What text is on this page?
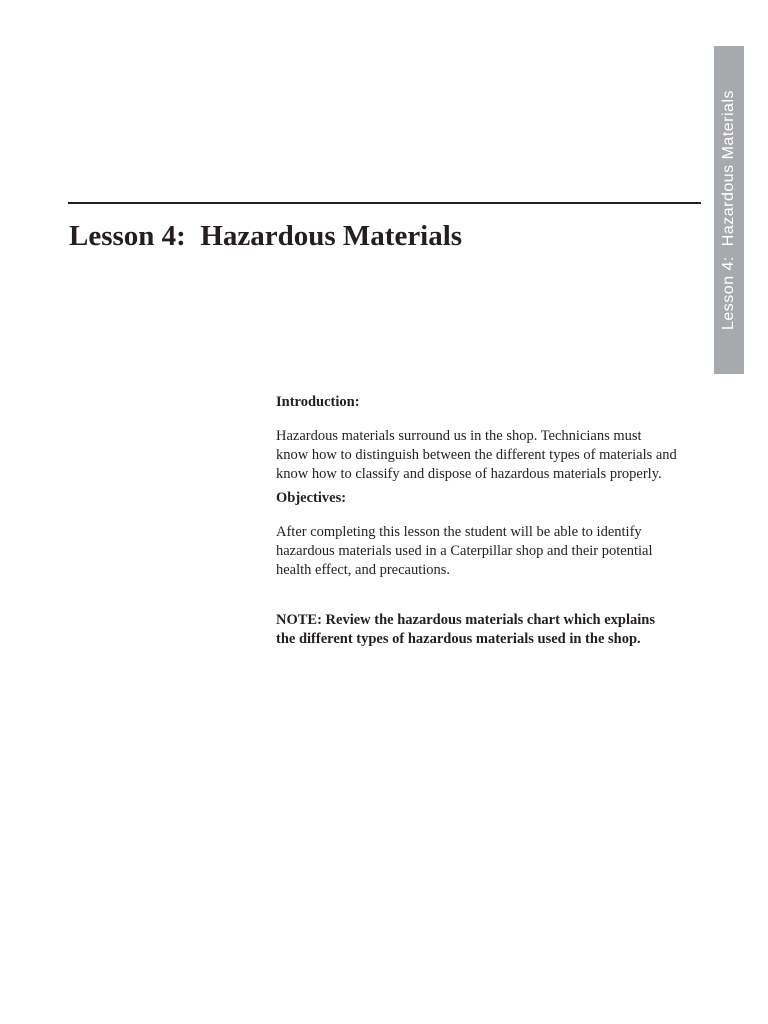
Lesson 4:  Hazardous Materials
Lesson 4:  Hazardous Materials

Introduction:

Hazardous materials surround us in the shop. Technicians must
know how to distinguish between the different types of materials and
know how to classify and dispose of hazardous materials properly.

Objectives:

After completing this lesson the student will be able to identify
hazardous materials used in a Caterpillar shop and their potential
health effect, and precautions.

NOTE: Review the hazardous materials chart which explains
the different types of hazardous materials used in the shop.
